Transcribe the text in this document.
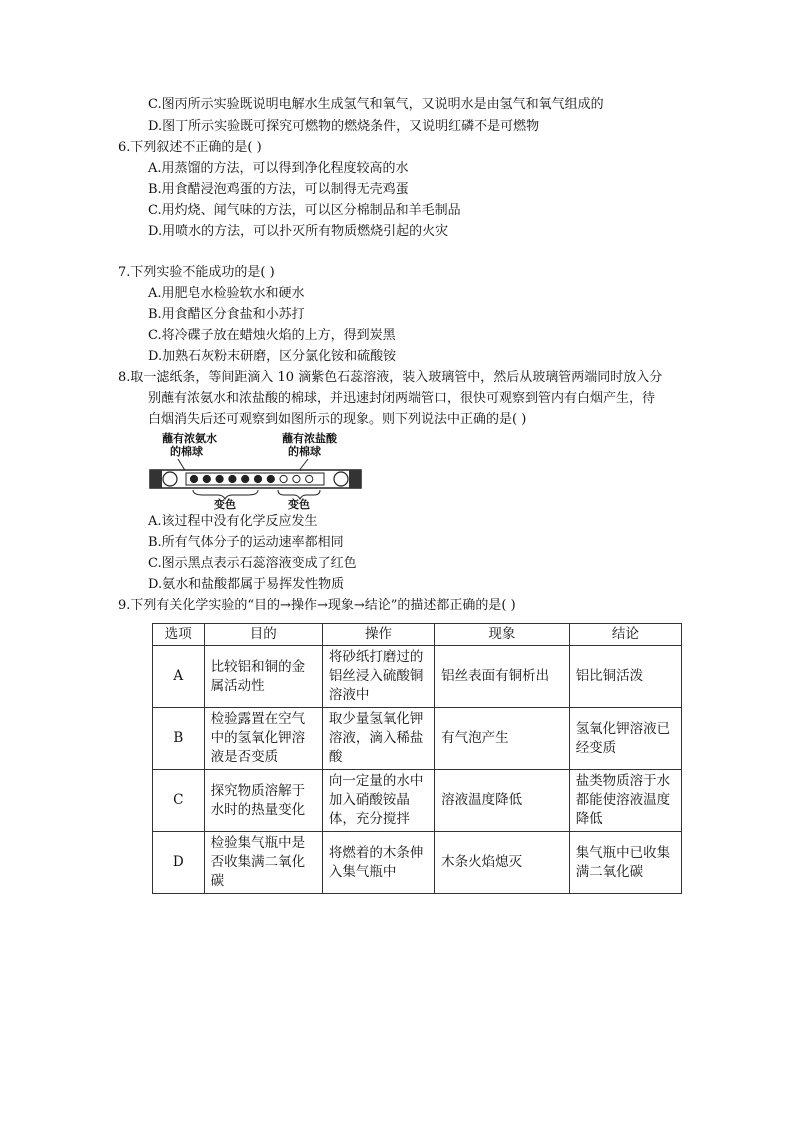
C.图丙所示实验既说明电解水生成氢气和氧气，又说明水是由氢气和氧气组成的
D.图丁所示实验既可探究可燃物的燃烧条件，又说明红磷不是可燃物
6.下列叙述不正确的是( )
A.用蒸馏的方法，可以得到净化程度较高的水
B.用食醋浸泡鸡蛋的方法，可以制得无壳鸡蛋
C.用灼烧、闻气味的方法，可以区分棉制品和羊毛制品
D.用喷水的方法，可以扑灭所有物质燃烧引起的火灾
7.下列实验不能成功的是( )
A.用肥皂水检验软水和硬水
B.用食醋区分食盐和小苏打
C.将冷碟子放在蜡烛火焰的上方，得到炭黑
D.加熟石灰粉末研磨，区分氯化铵和硫酸铵
8.取一滤纸条，等间距滴入 10 滴紫色石蕊溶液，装入玻璃管中，然后从玻璃管两端同时放入分
别蘸有浓氨水和浓盐酸的棉球，并迅速封闭两端管口，很快可观察到管内有白烟产生，待
白烟消失后还可观察到如图所示的现象。则下列说法中正确的是( )
蘸有浓氨水
的棉球
蘸有浓盐酸
的棉球
变色	变色
A.该过程中没有化学反应发生
B.所有气体分子的运动速率都相同
C.图示黑点表示石蕊溶液变成了红色
D.氨水和盐酸都属于易挥发性物质
9.下列有关化学实验的“目的→操作→现象→结论”的描述都正确的是( )
选项	目的	操作	现象	结论
A	比较铝和铜的金属活动性	将砂纸打磨过的铝丝浸入硫酸铜溶液中	铝丝表面有铜析出	铝比铜活泼
B	检验露置在空气中的氢氧化钾溶液是否变质	取少量氢氧化钾溶液，滴入稀盐酸	有气泡产生	氢氧化钾溶液已经变质
C	探究物质溶解于水时的热量变化	向一定量的水中加入硝酸铵晶体，充分搅拌	溶液温度降低	盐类物质溶于水都能使溶液温度降低
D	检验集气瓶中是否收集满二氧化碳	将燃着的木条伸入集气瓶中	木条火焰熄灭	集气瓶中已收集满二氧化碳
